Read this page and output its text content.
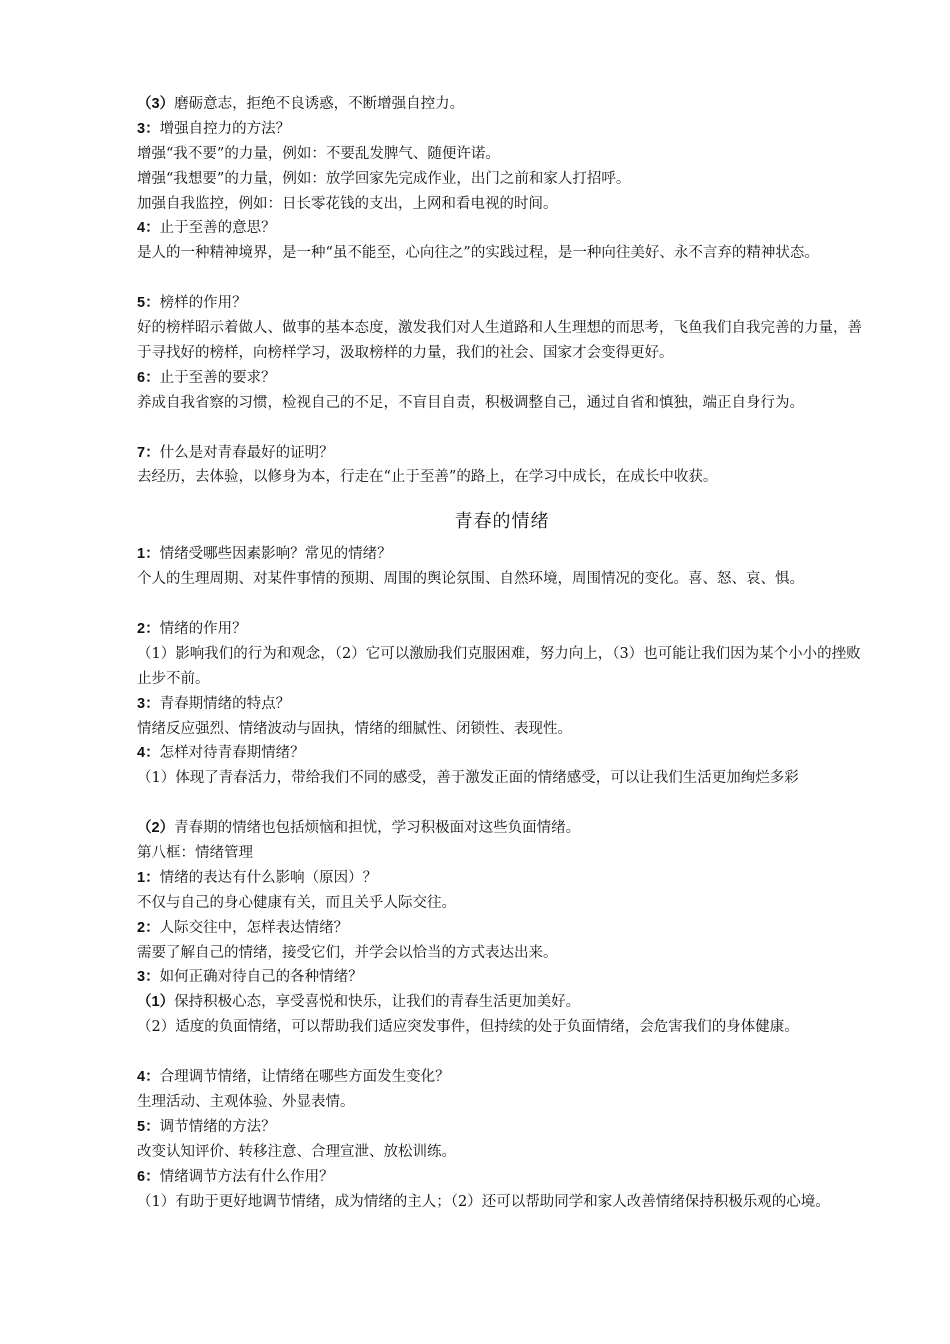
（3）磨砺意志，拒绝不良诱惑，不断增强自控力。
3：增强自控力的方法？
增强“我不要”的力量，例如：不要乱发脾气、随便许诺。
增强“我想要”的力量，例如：放学回家先完成作业，出门之前和家人打招呼。
加强自我监控，例如：日长零花钱的支出，上网和看电视的时间。
4：止于至善的意思？
是人的一种精神境界，是一种“虽不能至，心向往之”的实践过程，是一种向往美好、永不言弃的精神状态。
5：榜样的作用？
好的榜样昭示着做人、做事的基本态度，激发我们对人生道路和人生理想的而思考，飞鱼我们自我完善的力量，善于寻找好的榜样，向榜样学习，汲取榜样的力量，我们的社会、国家才会变得更好。
6：止于至善的要求？
养成自我省察的习惯，检视自己的不足，不盲目自责，积极调整自己，通过自省和慎独，端正自身行为。
7：什么是对青春最好的证明？
去经历，去体验，以修身为本，行走在“止于至善”的路上，在学习中成长，在成长中收获。
青春的情绪
1：情绪受哪些因素影响？常见的情绪？
个人的生理周期、对某件事情的预期、周围的舆论氛围、自然环境，周围情况的变化。喜、怒、哀、惧。
2：情绪的作用？
（1）影响我们的行为和观念，（2）它可以激励我们克服困难，努力向上，（3）也可能让我们因为某个小小的挫败止步不前。
3：青春期情绪的特点？
情绪反应强烈、情绪波动与固执，情绪的细腻性、闭锁性、表现性。
4：怎样对待青春期情绪？
（1）体现了青春活力，带给我们不同的感受，善于激发正面的情绪感受，可以让我们生活更加绚烂多彩
（2）青春期的情绪也包括烦恼和担忧，学习积极面对这些负面情绪。
第八框：情绪管理
1：情绪的表达有什么影响（原因）？
不仅与自己的身心健康有关，而且关乎人际交往。
2：人际交往中，怎样表达情绪？
需要了解自己的情绪，接受它们，并学会以恰当的方式表达出来。
3：如何正确对待自己的各种情绪？
（1）保持积极心态，享受喜悦和快乐，让我们的青春生活更加美好。
（2）适度的负面情绪，可以帮助我们适应突发事件，但持续的处于负面情绪，会危害我们的身体健康。
4：合理调节情绪，让情绪在哪些方面发生变化？
生理活动、主观体验、外显表情。
5：调节情绪的方法？
改变认知评价、转移注意、合理宣泄、放松训练。
6：情绪调节方法有什么作用？
（1）有助于更好地调节情绪，成为情绪的主人；（2）还可以帮助同学和家人改善情绪保持积极乐观的心境。
